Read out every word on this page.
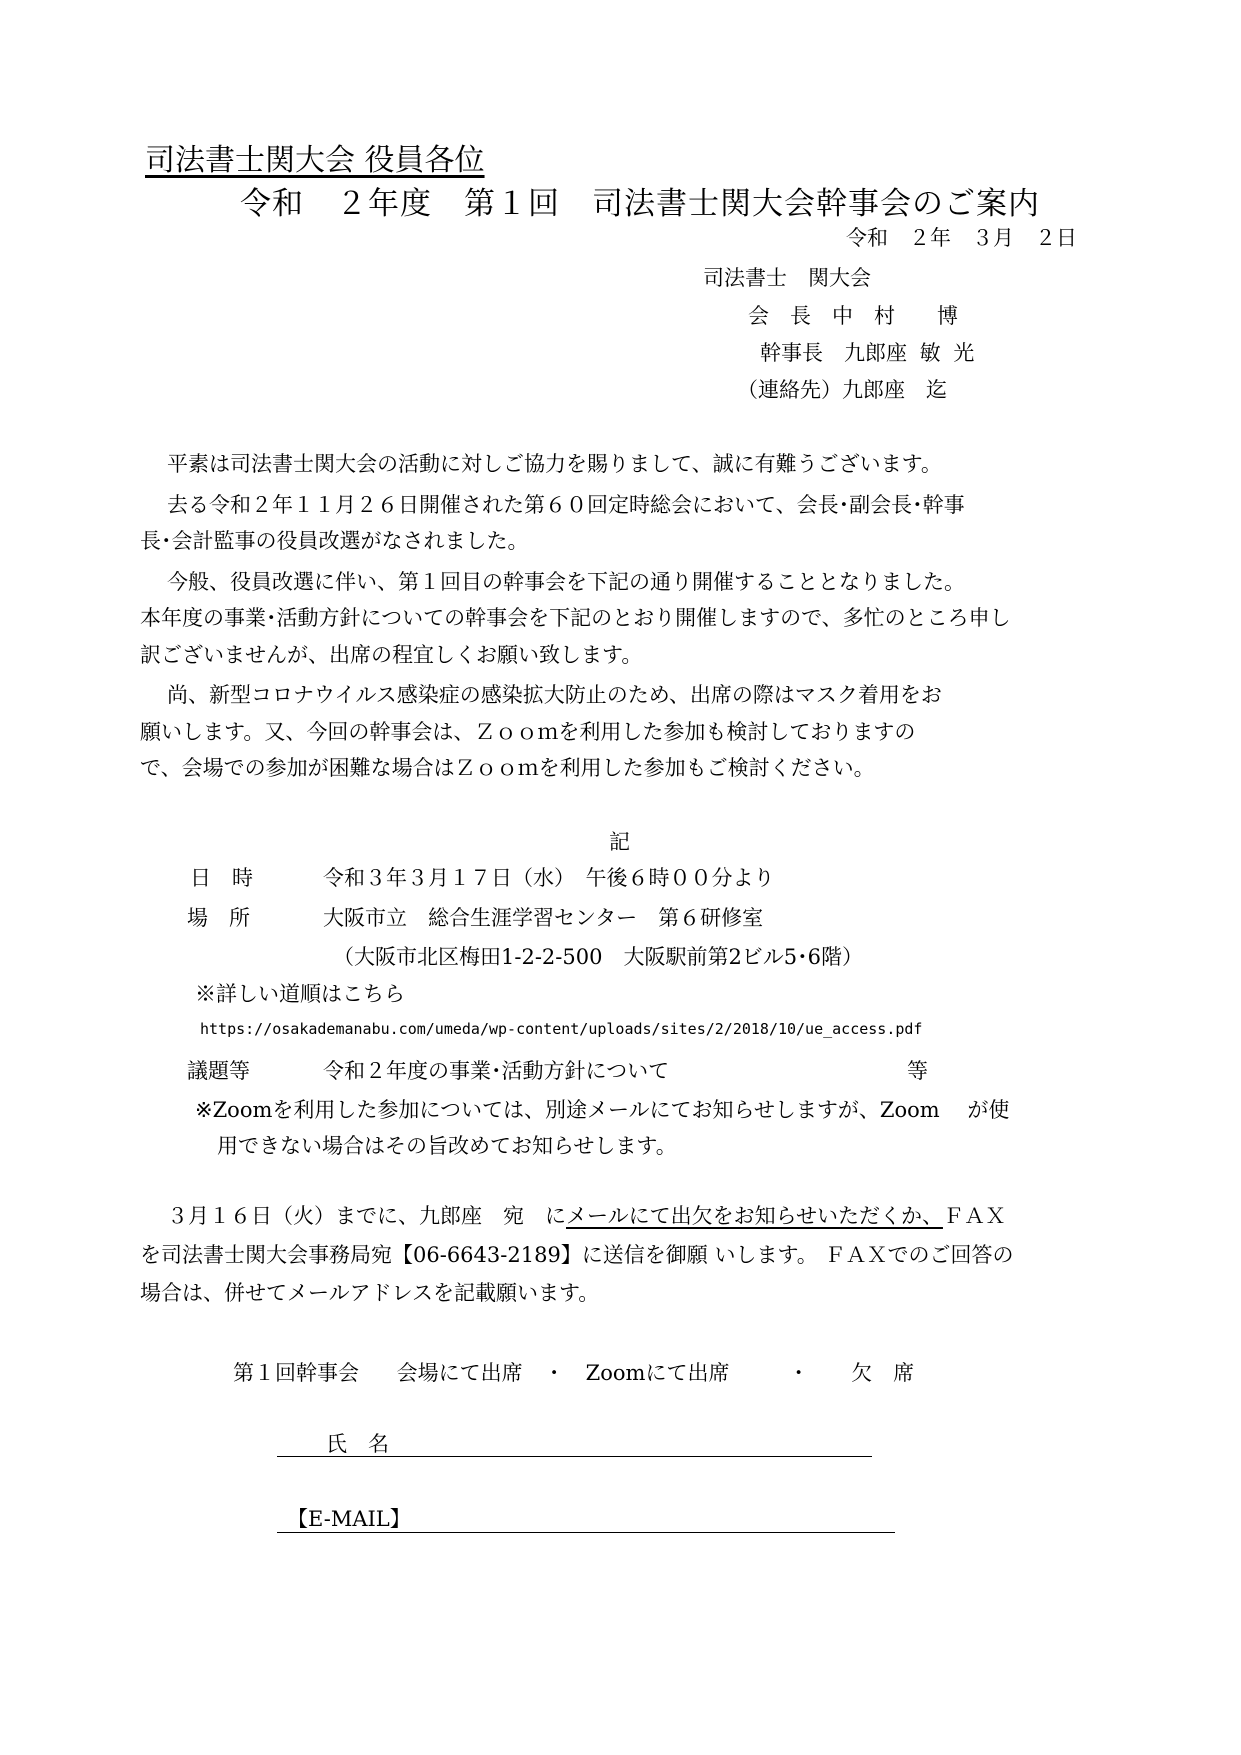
司法書士関大会 役員各位
令和　２年度　第１回　司法書士関大会幹事会のご案内
令和　２年　３月　２日
司法書士　関大会
会　長　中　村　　博
幹事長　九郎座 敏 光
（連絡先）九郎座　迄
平素は司法書士関大会の活動に対しご協力を賜りまして、誠に有難うございます。
去る令和２年１１月２６日開催された第６０回定時総会において、会長･副会長･幹事
長･会計監事の役員改選がなされました。
今般、役員改選に伴い、第１回目の幹事会を下記の通り開催することとなりました。
本年度の事業･活動方針についての幹事会を下記のとおり開催しますので、多忙のところ申し
訳ございませんが、出席の程宜しくお願い致します。
尚、新型コロナウイルス感染症の感染拡大防止のため、出席の際はマスク着用をお
願いします。又、今回の幹事会は、Ｚｏｏｍを利用した参加も検討しておりますの
で、会場での参加が困難な場合はＺｏｏｍを利用した参加もご検討ください。
記
日　時	令和３年３月１７日（水）　午後６時００分より
場　所	大阪市立　総合生涯学習センター　第６研修室
（大阪市北区梅田1-2-2-500　大阪駅前第2ビル5･6階）
※詳しい道順はこちら
https://osakademanabu.com/umeda/wp-content/uploads/sites/2/2018/10/ue_access.pdf
議題等	令和２年度の事業･活動方針について	等
※Zoomを利用した参加については、別途メールにてお知らせしますが、Zoom　 が使
用できない場合はその旨改めてお知らせします。
３月１６日（火）までに、九郎座　宛　にメールにて出欠をお知らせいただくか、ＦＡＸ
を司法書士関大会事務局宛【06-6643-2189】に送信を御願 いします。 ＦＡＸでのご回答の
場合は、併せてメールアドレスを記載願います。
第１回幹事会　 会場にて出席　・　Zoomにて出席　　 ・　　欠　席
氏　名
【E-MAIL】
